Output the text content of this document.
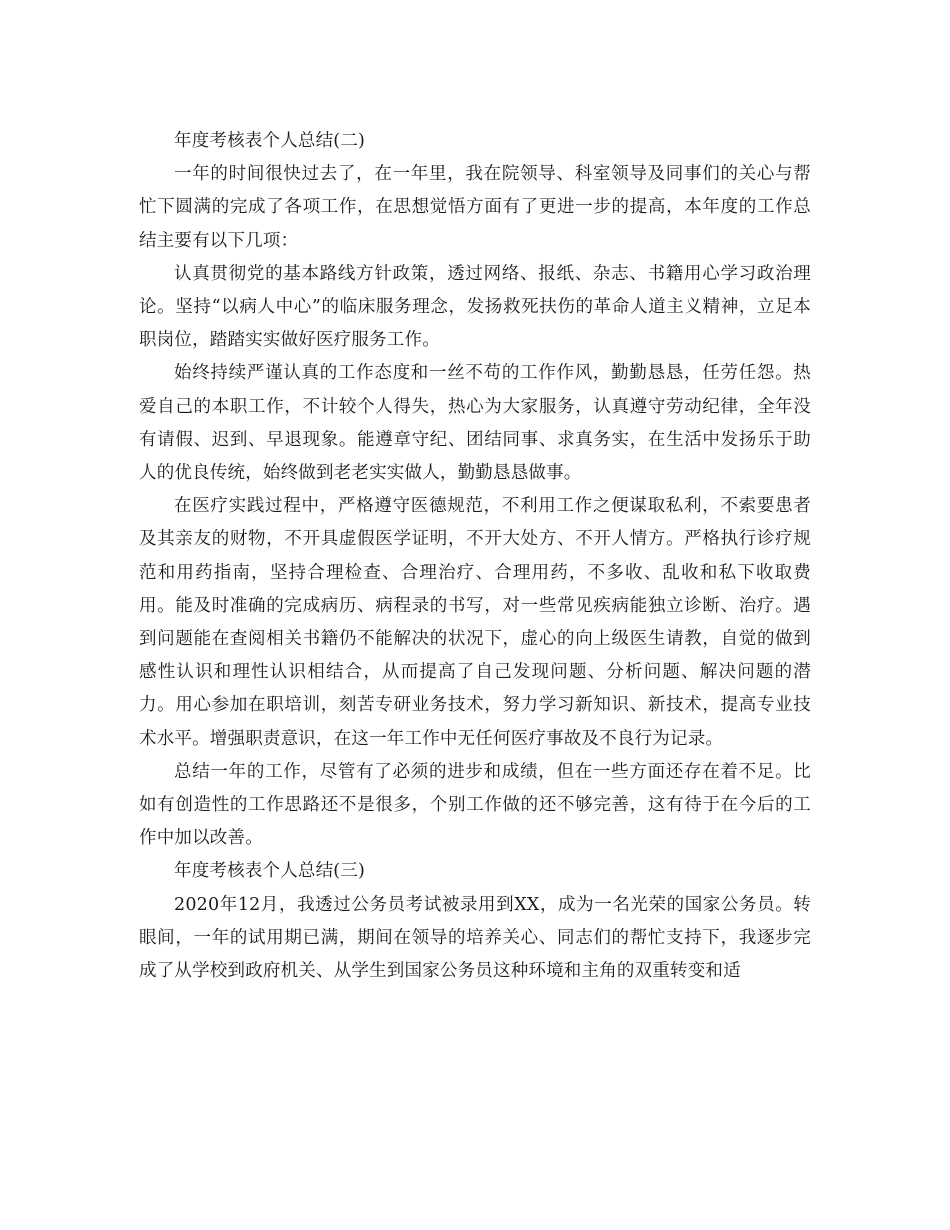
年度考核表个人总结(二)

一年的时间很快过去了，在一年里，我在院领导、科室领导及同事们的关心与帮忙下圆满的完成了各项工作，在思想觉悟方面有了更进一步的提高，本年度的工作总结主要有以下几项：

认真贯彻党的基本路线方针政策，透过网络、报纸、杂志、书籍用心学习政治理论。坚持“以病人中心”的临床服务理念，发扬救死扶伤的革命人道主义精神，立足本职岗位，踏踏实实做好医疗服务工作。

始终持续严谨认真的工作态度和一丝不苟的工作作风，勤勤恳恳，任劳任怨。热爱自己的本职工作，不计较个人得失，热心为大家服务，认真遵守劳动纪律，全年没有请假、迟到、早退现象。能遵章守纪、团结同事、求真务实，在生活中发扬乐于助人的优良传统，始终做到老老实实做人，勤勤恳恳做事。

在医疗实践过程中，严格遵守医德规范，不利用工作之便谋取私利，不索要患者及其亲友的财物，不开具虚假医学证明，不开大处方、不开人情方。严格执行诊疗规范和用药指南，坚持合理检查、合理治疗、合理用药，不多收、乱收和私下收取费用。能及时准确的完成病历、病程录的书写，对一些常见疾病能独立诊断、治疗。遇到问题能在查阅相关书籍仍不能解决的状况下，虚心的向上级医生请教，自觉的做到感性认识和理性认识相结合，从而提高了自己发现问题、分析问题、解决问题的潜力。用心参加在职培训，刻苦专研业务技术，努力学习新知识、新技术，提高专业技术水平。增强职责意识，在这一年工作中无任何医疗事故及不良行为记录。

总结一年的工作，尽管有了必须的进步和成绩，但在一些方面还存在着不足。比如有创造性的工作思路还不是很多，个别工作做的还不够完善，这有待于在今后的工作中加以改善。

年度考核表个人总结(三)

2020年12月，我透过公务员考试被录用到XX，成为一名光荣的国家公务员。转眼间，一年的试用期已满，期间在领导的培养关心、同志们的帮忙支持下，我逐步完成了从学校到政府机关、从学生到国家公务员这种环境和主角的双重转变和适
